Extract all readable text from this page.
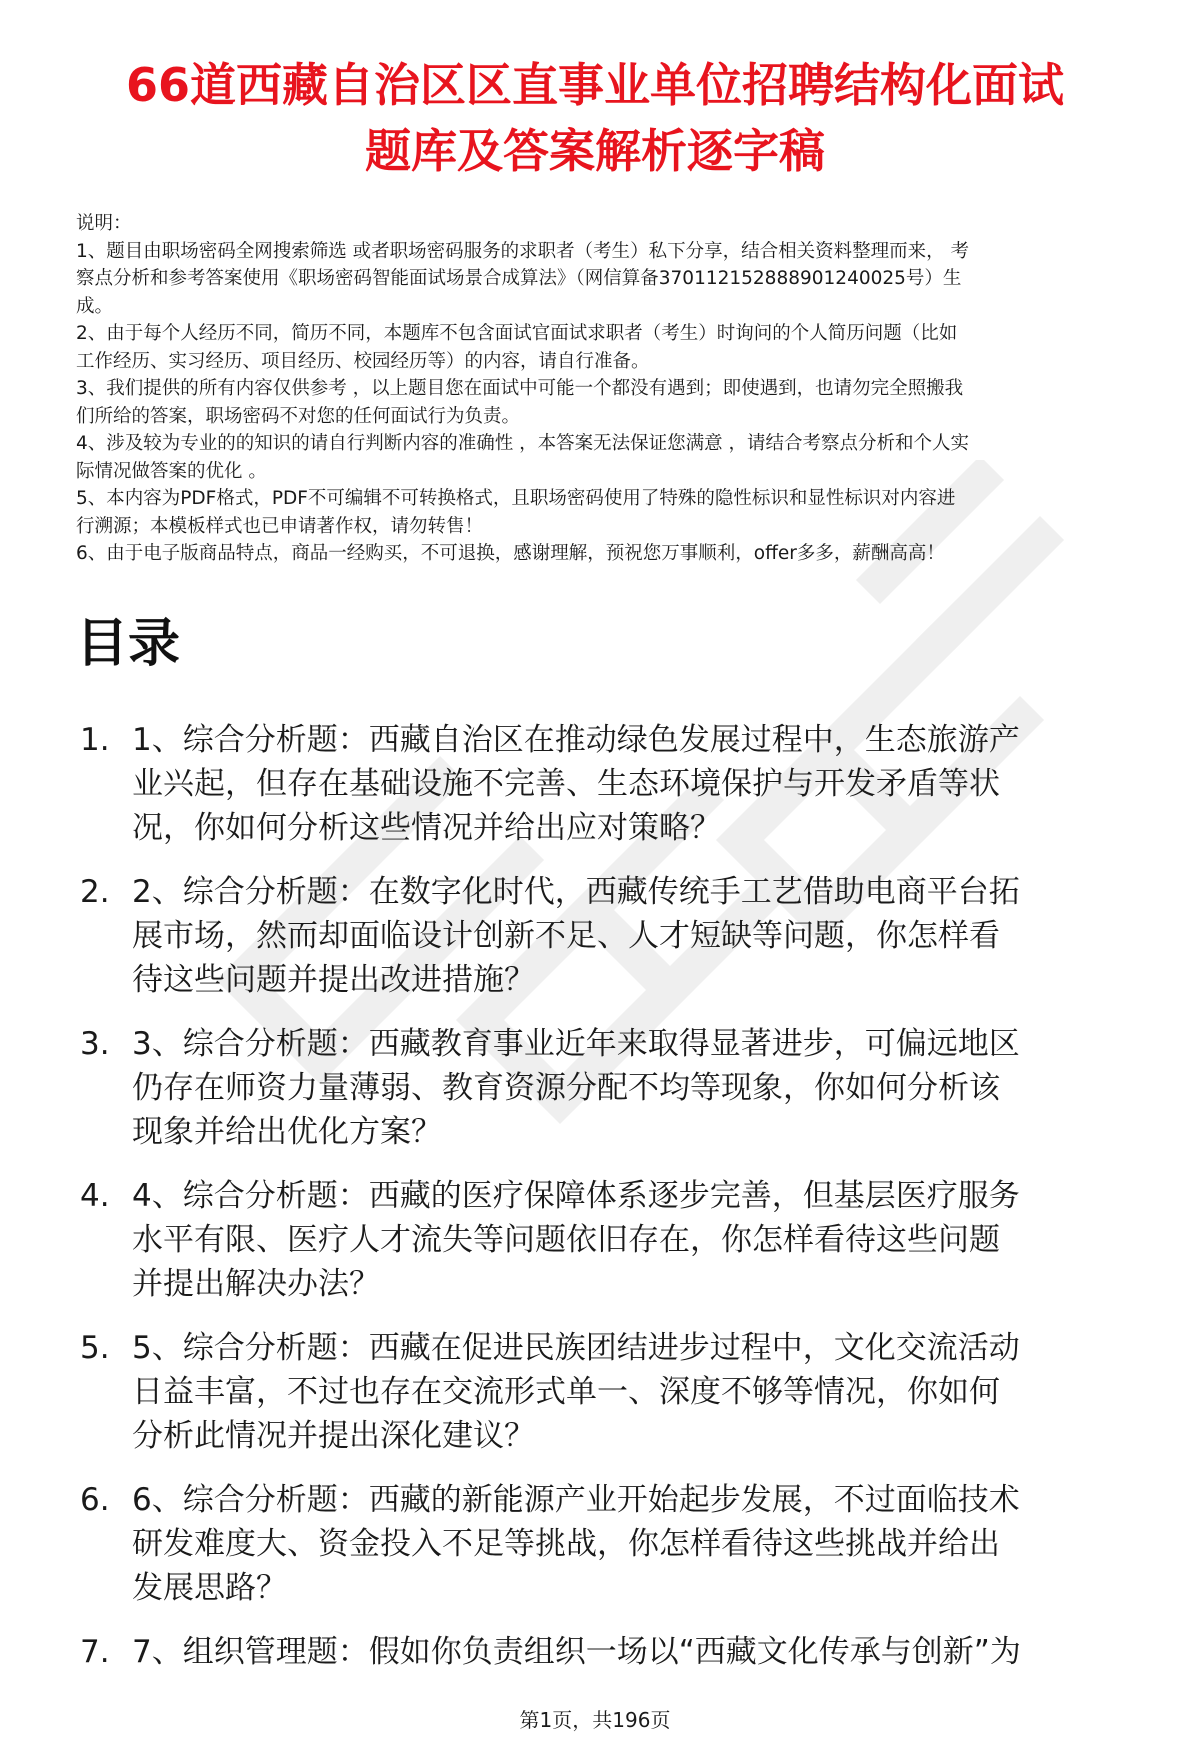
66道西藏自治区区直事业单位招聘结构化面试
题库及答案解析逐字稿

说明：

1、题目由职场密码全网搜索筛选 或者职场密码服务的求职者（考生）私下分享，结合相关资料整理而来， 考

察点分析和参考答案使用《职场密码智能面试场景合成算法》（网信算备370112152888901240025号）生

成。

2、由于每个人经历不同，简历不同，本题库不包含面试官面试求职者（考生）时询问的个人简历问题（比如

工作经历、实习经历、项目经历、校园经历等）的内容，请自行准备。

3、我们提供的所有内容仅供参考 ，以上题目您在面试中可能一个都没有遇到；即使遇到，也请勿完全照搬我

们所给的答案，职场密码不对您的任何面试行为负责。

4、涉及较为专业的的知识的请自行判断内容的准确性 ，本答案无法保证您满意 ，请结合考察点分析和个人实

际情况做答案的优化 。

5、本内容为PDF格式，PDF不可编辑不可转换格式，且职场密码使用了特殊的隐性标识和显性标识对内容进

行溯源；本模板样式也已申请著作权，请勿转售！

6、由于电子版商品特点，商品一经购买，不可退换，感谢理解，预祝您万事顺利，offer多多，薪酬高高！

目录
1. 1、综合分析题：西藏自治区在推动绿色发展过程中，生态旅游产
业兴起，但存在基础设施不完善、生态环境保护与开发矛盾等状
况，你如何分析这些情况并给出应对策略？
2. 2、综合分析题：在数字化时代，西藏传统手工艺借助电商平台拓
展市场，然而却面临设计创新不足、人才短缺等问题，你怎样看
待这些问题并提出改进措施？
3. 3、综合分析题：西藏教育事业近年来取得显著进步，可偏远地区
仍存在师资力量薄弱、教育资源分配不均等现象，你如何分析该
现象并给出优化方案？
4. 4、综合分析题：西藏的医疗保障体系逐步完善，但基层医疗服务
水平有限、医疗人才流失等问题依旧存在，你怎样看待这些问题
并提出解决办法？
5. 5、综合分析题：西藏在促进民族团结进步过程中，文化交流活动
日益丰富，不过也存在交流形式单一、深度不够等情况，你如何
分析此情况并提出深化建议？
6. 6、综合分析题：西藏的新能源产业开始起步发展，不过面临技术
研发难度大、资金投入不足等挑战，你怎样看待这些挑战并给出
发展思路？
7. 7、组织管理题：假如你负责组织一场以“西藏文化传承与创新”为
第1页，共196页
